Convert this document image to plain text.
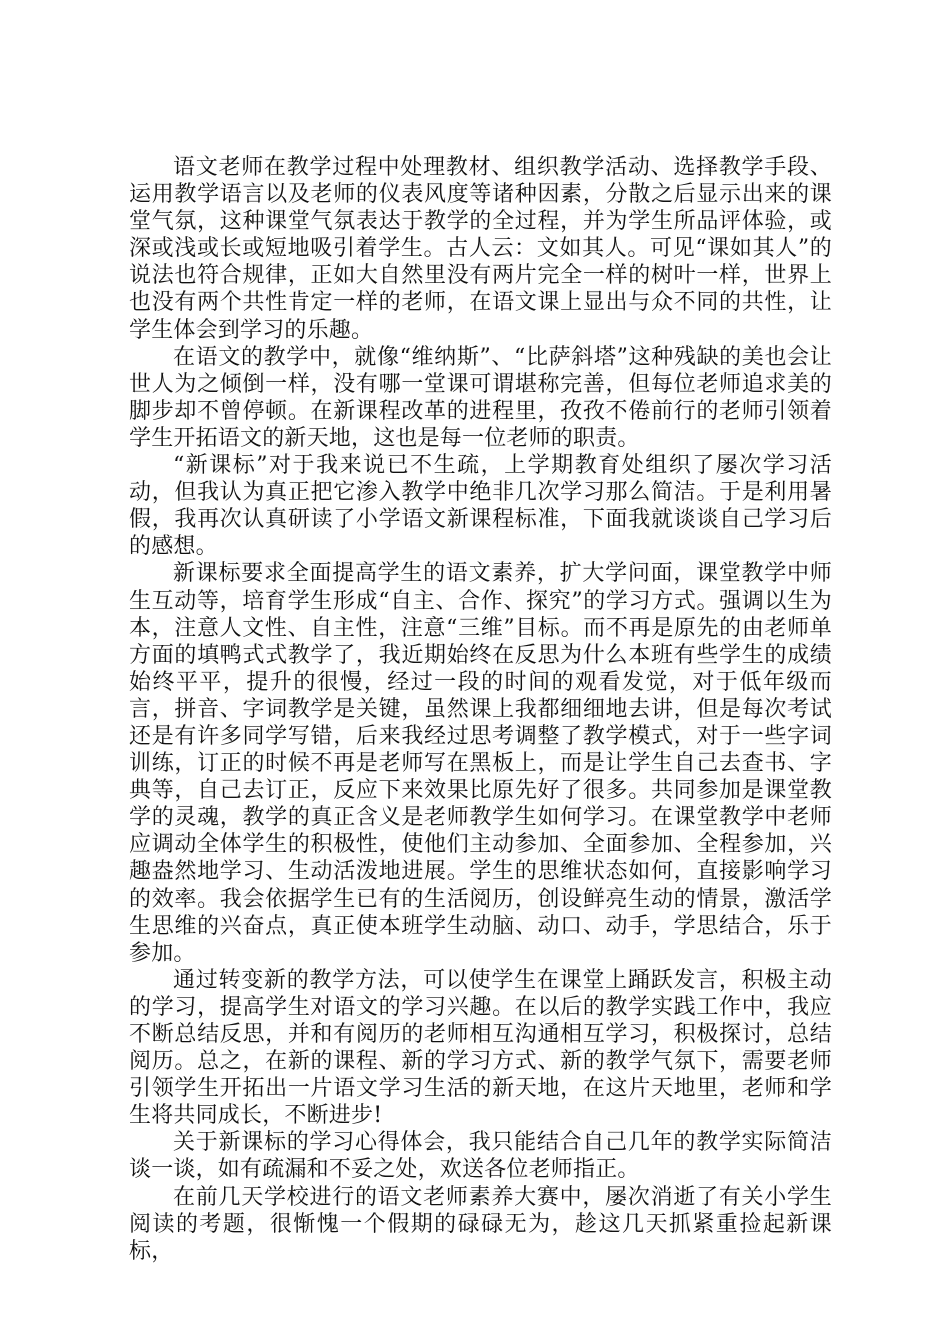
语文老师在教学过程中处理教材、组织教学活动、选择教学手段、运用教学语言以及老师的仪表风度等诸种因素，分散之后显示出来的课堂气氛，这种课堂气氛表达于教学的全过程，并为学生所品评体验，或深或浅或长或短地吸引着学生。古人云：文如其人。可见“课如其人”的说法也符合规律，正如大自然里没有两片完全一样的树叶一样，世界上也没有两个共性肯定一样的老师，在语文课上显出与众不同的共性，让学生体会到学习的乐趣。

在语文的教学中，就像“维纳斯”、“比萨斜塔”这种残缺的美也会让世人为之倾倒一样，没有哪一堂课可谓堪称完善，但每位老师追求美的脚步却不曾停顿。在新课程改革的进程里，孜孜不倦前行的老师引领着学生开拓语文的新天地，这也是每一位老师的职责。

“新课标”对于我来说已不生疏，上学期教育处组织了屡次学习活动，但我认为真正把它渗入教学中绝非几次学习那么简洁。于是利用暑假，我再次认真研读了小学语文新课程标准，下面我就谈谈自己学习后的感想。

新课标要求全面提高学生的语文素养，扩大学问面，课堂教学中师生互动等，培育学生形成“自主、合作、探究”的学习方式。强调以生为本，注意人文性、自主性，注意“三维”目标。而不再是原先的由老师单方面的填鸭式式教学了，我近期始终在反思为什么本班有些学生的成绩始终平平，提升的很慢，经过一段的时间的观看发觉，对于低年级而言，拼音、字词教学是关键，虽然课上我都细细地去讲，但是每次考试还是有许多同学写错，后来我经过思考调整了教学模式，对于一些字词训练，订正的时候不再是老师写在黑板上，而是让学生自己去查书、字典等，自己去订正，反应下来效果比原先好了很多。共同参加是课堂教学的灵魂，教学的真正含义是老师教学生如何学习。在课堂教学中老师应调动全体学生的积极性，使他们主动参加、全面参加、全程参加，兴趣盎然地学习、生动活泼地进展。学生的思维状态如何，直接影响学习的效率。我会依据学生已有的生活阅历，创设鲜亮生动的情景，激活学生思维的兴奋点，真正使本班学生动脑、动口、动手，学思结合，乐于参加。

通过转变新的教学方法，可以使学生在课堂上踊跃发言，积极主动的学习，提高学生对语文的学习兴趣。在以后的教学实践工作中，我应不断总结反思，并和有阅历的老师相互沟通相互学习，积极探讨，总结阅历。总之，在新的课程、新的学习方式、新的教学气氛下，需要老师引领学生开拓出一片语文学习生活的新天地，在这片天地里，老师和学生将共同成长，不断进步!

关于新课标的学习心得体会，我只能结合自己几年的教学实际简洁谈一谈，如有疏漏和不妥之处，欢送各位老师指正。

在前几天学校进行的语文老师素养大赛中，屡次消逝了有关小学生阅读的考题，很惭愧一个假期的碌碌无为，趁这几天抓紧重捡起新课标，
